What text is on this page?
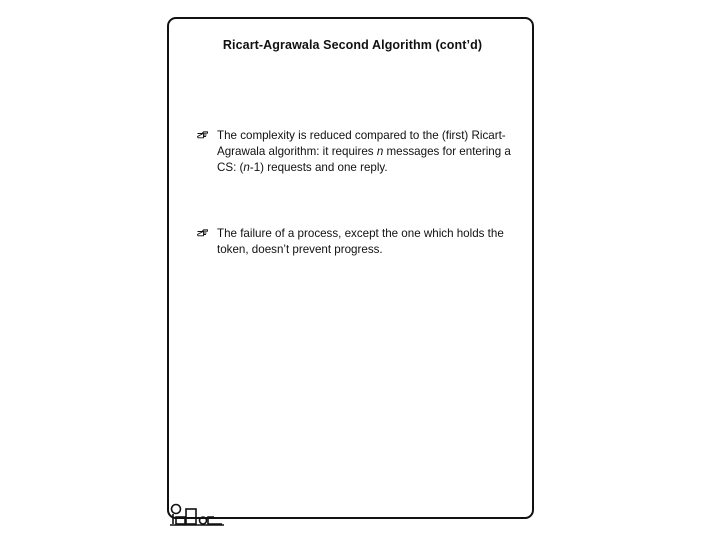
Ricart-Agrawala Second Algorithm (cont’d)

The complexity is reduced compared to the (first) Ricart-Agrawala algorithm: it requires n messages for entering a CS: (n-1) requests and one reply.

The failure of a process, except the one which holds the token, doesn’t prevent progress.
